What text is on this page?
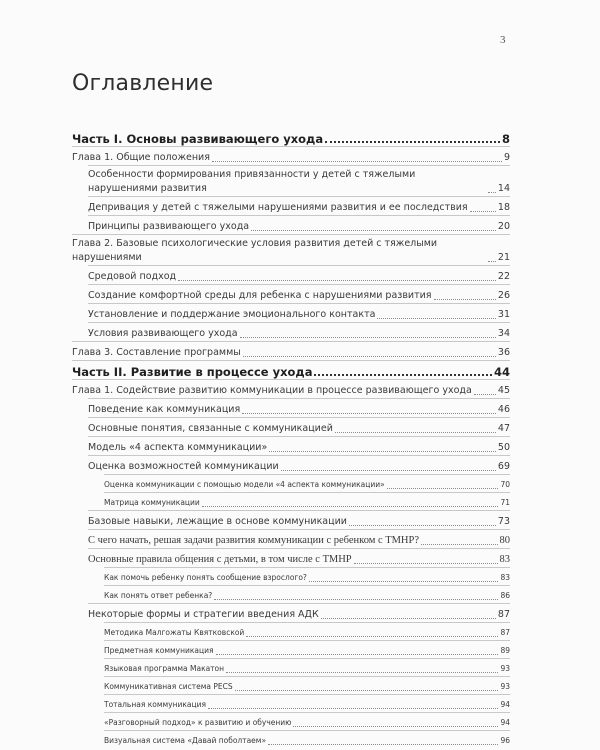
3
Оглавление
Часть I. Основы развивающего ухода	8
Глава 1. Общие положения	9
Особенности формирования привязанности у детей с тяжелыми нарушениями развития	14
Депривация у детей с тяжелыми нарушениями развития и ее последствия	18
Принципы развивающего ухода	20
Глава 2. Базовые психологические условия развития детей с тяжелыми нарушениями	21
Средовой подход	22
Создание комфортной среды для ребенка с нарушениями развития	26
Установление и поддержание эмоционального контакта	31
Условия развивающего ухода	34
Глава 3. Составление программы	36
Часть II. Развитие в процессе ухода	44
Глава 1. Содействие развитию коммуникации в процессе развивающего ухода	45
Поведение как коммуникация	46
Основные понятия, связанные с коммуникацией	47
Модель «4 аспекта коммуникации»	50
Оценка возможностей коммуникации	69
Оценка коммуникации с помощью модели «4 аспекта коммуникации»	70
Матрица коммуникации	71
Базовые навыки, лежащие в основе коммуникации	73
С чего начать, решая задачи развития коммуникации с ребенком с ТМНР?	80
Основные правила общения с детьми, в том числе с ТМНР	83
Как помочь ребенку понять сообщение взрослого?	83
Как понять ответ ребенка?	86
Некоторые формы и стратегии введения АДК	87
Методика Малгожаты Квятковской	87
Предметная коммуникация	89
Языковая программа Макатон	93
Коммуникативная система PECS	93
Тотальная коммуникация	94
«Разговорный подход» к развитию и обучению	94
Визуальная система «Давай поболтаем»	96
